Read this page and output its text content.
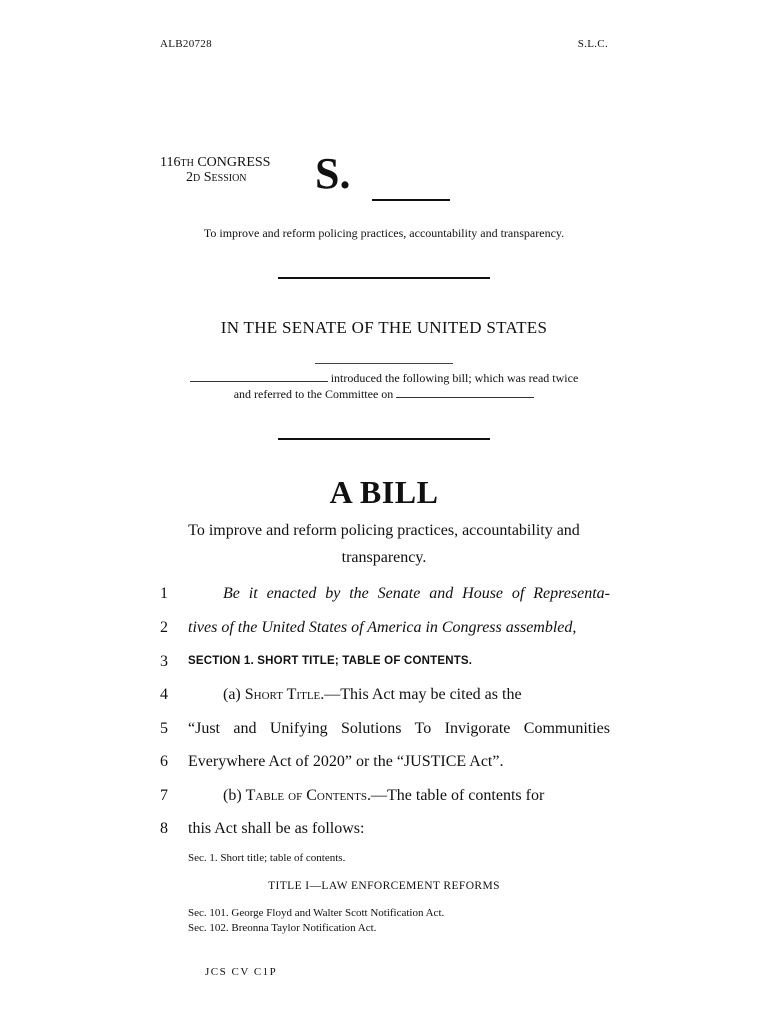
ALB20728	S.L.C.
116th CONGRESS
2d Session	S.
To improve and reform policing practices, accountability and transparency.
IN THE SENATE OF THE UNITED STATES
introduced the following bill; which was read twice
and referred to the Committee on
A BILL
To improve and reform policing practices, accountability and transparency.
1	Be it enacted by the Senate and House of Representa-
2 tives of the United States of America in Congress assembled,
3 SECTION 1. SHORT TITLE; TABLE OF CONTENTS.
4	(a) Short Title.—This Act may be cited as the
5 “Just and Unifying Solutions To Invigorate Communities
6 Everywhere Act of 2020” or the “JUSTICE Act”.
7	(b) Table of Contents.—The table of contents for
8 this Act shall be as follows:
Sec. 1. Short title; table of contents.
TITLE I—LAW ENFORCEMENT REFORMS
Sec. 101. George Floyd and Walter Scott Notification Act.
Sec. 102. Breonna Taylor Notification Act.
JCS CV C1P
